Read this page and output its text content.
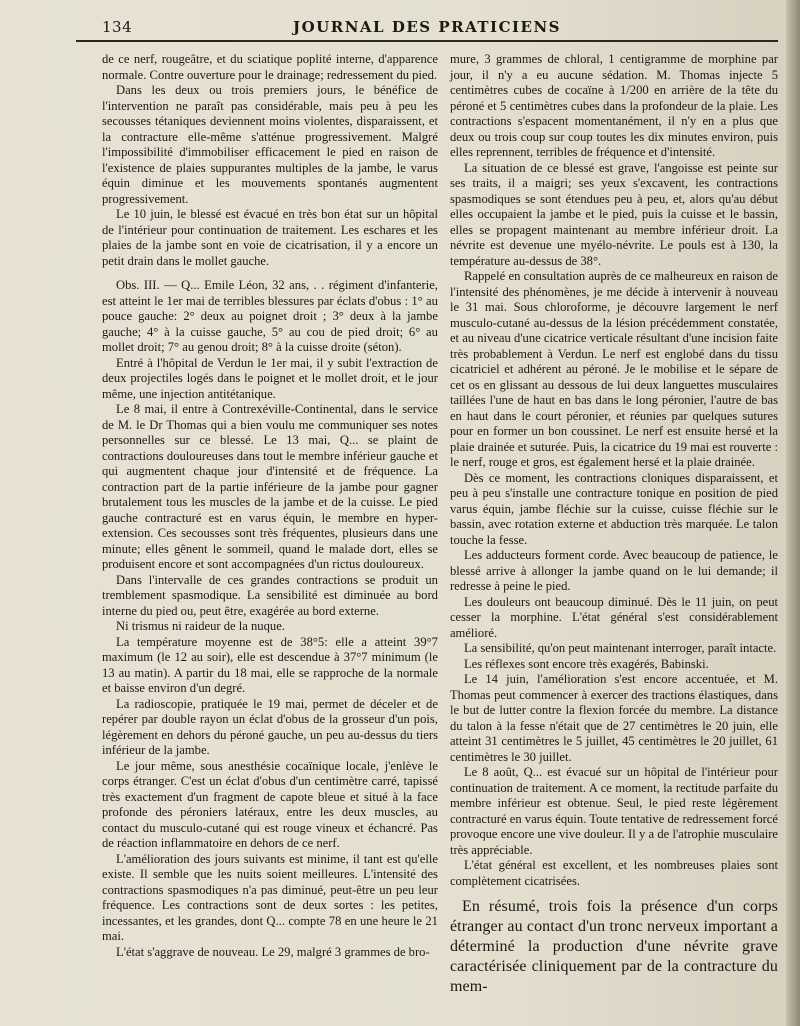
134	JOURNAL DES PRATICIENS

de ce nerf, rougeâtre, et du sciatique poplité interne, d'apparence normale. Contre ouverture pour le drainage; redressement du pied.

Dans les deux ou trois premiers jours, le bénéfice de l'intervention ne paraît pas considérable, mais peu à peu les secousses tétaniques deviennent moins violentes, disparaissent, et la contracture elle-même s'atténue progressivement. Malgré l'impossibilité d'immobiliser efficacement le pied en raison de l'existence de plaies suppurantes multiples de la jambe, le varus équin diminue et les mouvements spontanés augmentent progressivement.

Le 10 juin, le blessé est évacué en très bon état sur un hôpital de l'intérieur pour continuation de traitement. Les eschares et les plaies de la jambe sont en voie de cicatrisation, il y a encore un petit drain dans le mollet gauche.

Obs. III. — Q... Emile Léon, 32 ans, . . régiment d'infanterie, est atteint le 1er mai de terribles blessures par éclats d'obus : 1° au pouce gauche: 2° deux au poignet droit ; 3° deux à la jambe gauche; 4° à la cuisse gauche, 5° au cou de pied droit; 6° au mollet droit; 7° au genou droit; 8° à la cuisse droite (séton).

Entré à l'hôpital de Verdun le 1er mai, il y subit l'extraction de deux projectiles logés dans le poignet et le mollet droit, et le jour même, une injection antitétanique.

Le 8 mai, il entre à Contrexéville-Continental, dans le service de M. le Dr Thomas qui a bien voulu me communiquer ses notes personnelles sur ce blessé. Le 13 mai, Q... se plaint de contractions douloureuses dans tout le membre inférieur gauche et qui augmentent chaque jour d'intensité et de fréquence. La contraction part de la partie inférieure de la jambe pour gagner brutalement tous les muscles de la jambe et de la cuisse. Le pied gauche contracturé est en varus équin, le membre en hyper-extension. Ces secousses sont très fréquentes, plusieurs dans une minute; elles gênent le sommeil, quand le malade dort, elles se produisent encore et sont accompagnées d'un rictus douloureux.

Dans l'intervalle de ces grandes contractions se produit un tremblement spasmodique. La sensibilité est diminuée au bord interne du pied ou, peut être, exagérée au bord externe.

Ni trismus ni raideur de la nuque.

La température moyenne est de 38°5: elle a atteint 39°7 maximum (le 12 au soir), elle est descendue à 37°7 minimum (le 13 au matin). A partir du 18 mai, elle se rapproche de la normale et baisse environ d'un degré.

La radioscopie, pratiquée le 19 mai, permet de déceler et de repérer par double rayon un éclat d'obus de la grosseur d'un pois, légèrement en dehors du péroné gauche, un peu au-dessus du tiers inférieur de la jambe.

Le jour même, sous anesthésie cocaïnique locale, j'enlève le corps étranger. C'est un éclat d'obus d'un centimètre carré, tapissé très exactement d'un fragment de capote bleue et situé à la face profonde des péroniers latéraux, entre les deux muscles, au contact du musculo-cutané qui est rouge vineux et échancré. Pas de réaction inflammatoire en dehors de ce nerf.

L'amélioration des jours suivants est minime, il tant est qu'elle existe. Il semble que les nuits soient meilleures. L'intensité des contractions spasmodiques n'a pas diminué, peut-être un peu leur fréquence. Les contractions sont de deux sortes : les petites, incessantes, et les grandes, dont Q... compte 78 en une heure le 21 mai.

L'état s'aggrave de nouveau. Le 29, malgré 3 grammes de bro-

mure, 3 grammes de chloral, 1 centigramme de morphine par jour, il n'y a eu aucune sédation. M. Thomas injecte 5 centimètres cubes de cocaïne à 1/200 en arrière de la tête du péroné et 5 centimètres cubes dans la profondeur de la plaie. Les contractions s'espacent momentanément, il n'y en a plus que deux ou trois coup sur coup toutes les dix minutes environ, puis elles reprennent, terribles de fréquence et d'intensité.

La situation de ce blessé est grave, l'angoisse est peinte sur ses traits, il a maigri; ses yeux s'excavent, les contractions spasmodiques se sont étendues peu à peu, et, alors qu'au début elles occupaient la jambe et le pied, puis la cuisse et le bassin, elles se propagent maintenant au membre inférieur droit. La névrite est devenue une myélo-névrite. Le pouls est à 130, la température au-dessus de 38°.

Rappelé en consultation auprès de ce malheureux en raison de l'intensité des phénomènes, je me décide à intervenir à nouveau le 31 mai. Sous chloroforme, je découvre largement le nerf musculo-cutané au-dessus de la lésion précédemment constatée, et au niveau d'une cicatrice verticale résultant d'une incision faite très probablement à Verdun. Le nerf est englobé dans du tissu cicatriciel et adhérent au péroné. Je le mobilise et le sépare de cet os en glissant au dessous de lui deux languettes musculaires taillées l'une de haut en bas dans le long péronier, l'autre de bas en haut dans le court péronier, et réunies par quelques sutures pour en former un bon coussinet. Le nerf est ensuite hersé et la plaie drainée et suturée. Puis, la cicatrice du 19 mai est rouverte : le nerf, rouge et gros, est également hersé et la plaie drainée.

Dès ce moment, les contractions cloniques disparaissent, et peu à peu s'installe une contracture tonique en position de pied varus équin, jambe fléchie sur la cuisse, cuisse fléchie sur le bassin, avec rotation externe et abduction très marquée. Le talon touche la fesse.

Les adducteurs forment corde. Avec beaucoup de patience, le blessé arrive à allonger la jambe quand on le lui demande; il redresse à peine le pied.

Les douleurs ont beaucoup diminué. Dès le 11 juin, on peut cesser la morphine. L'état général s'est considérablement amélioré.

La sensibilité, qu'on peut maintenant interroger, paraît intacte.

Les réflexes sont encore très exagérés, Babinski.

Le 14 juin, l'amélioration s'est encore accentuée, et M. Thomas peut commencer à exercer des tractions élastiques, dans le but de lutter contre la flexion forcée du membre. La distance du talon à la fesse n'était que de 27 centimètres le 20 juin, elle atteint 31 centimètres le 5 juillet, 45 centimètres le 20 juillet, 61 centimètres le 30 juillet.

Le 8 août, Q... est évacué sur un hôpital de l'intérieur pour continuation de traitement. A ce moment, la rectitude parfaite du membre inférieur est obtenue. Seul, le pied reste légèrement contracturé en varus équin. Toute tentative de redressement forcé provoque encore une vive douleur. Il y a de l'atrophie musculaire très appréciable.

L'état général est excellent, et les nombreuses plaies sont complètement cicatrisées.

En résumé, trois fois la présence d'un corps étranger au contact d'un tronc nerveux important a déterminé la production d'une névrite grave caractérisée cliniquement par de la contracture du mem-
